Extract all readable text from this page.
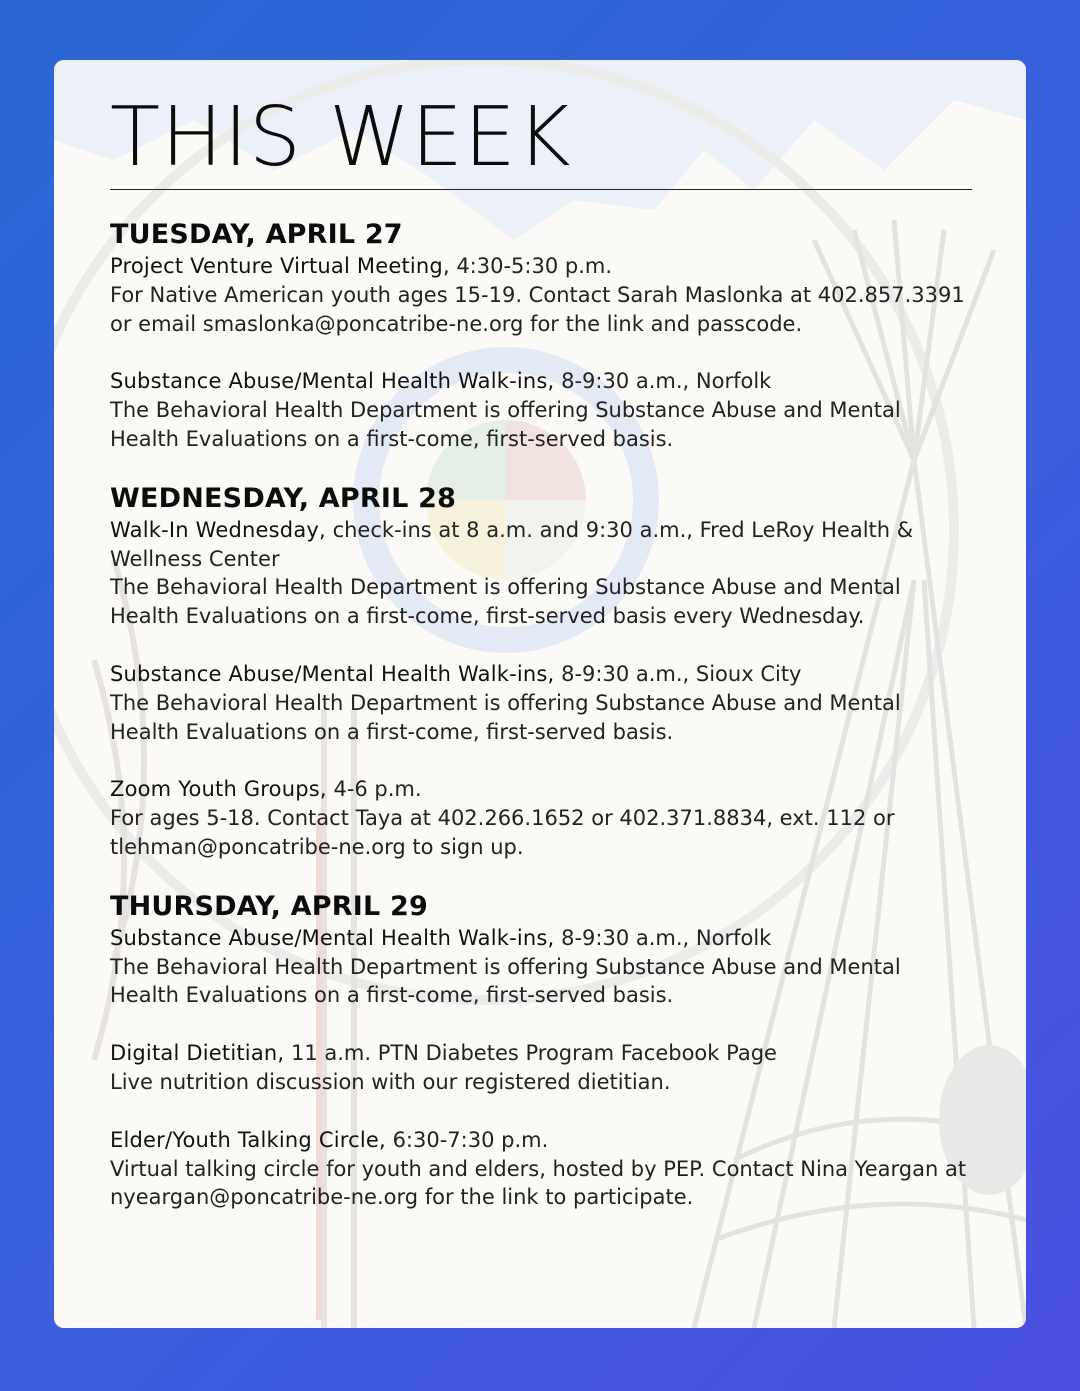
THIS WEEK
TUESDAY, APRIL 27
Project Venture Virtual Meeting, 4:30-5:30 p.m.
For Native American youth ages 15-19. Contact Sarah Maslonka at 402.857.3391 or email smaslonka@poncatribe-ne.org for the link and passcode.
Substance Abuse/Mental Health Walk-ins, 8-9:30 a.m., Norfolk
The Behavioral Health Department is offering Substance Abuse and Mental Health Evaluations on a first-come, first-served basis.
WEDNESDAY, APRIL 28
Walk-In Wednesday, check-ins at 8 a.m. and 9:30 a.m., Fred LeRoy Health & Wellness Center
The Behavioral Health Department is offering Substance Abuse and Mental Health Evaluations on a first-come, first-served basis every Wednesday.
Substance Abuse/Mental Health Walk-ins, 8-9:30 a.m., Sioux City
The Behavioral Health Department is offering Substance Abuse and Mental Health Evaluations on a first-come, first-served basis.
Zoom Youth Groups, 4-6 p.m.
For ages 5-18. Contact Taya at 402.266.1652 or 402.371.8834, ext. 112 or tlehman@poncatribe-ne.org to sign up.
THURSDAY, APRIL 29
Substance Abuse/Mental Health Walk-ins, 8-9:30 a.m., Norfolk
The Behavioral Health Department is offering Substance Abuse and Mental Health Evaluations on a first-come, first-served basis.
Digital Dietitian, 11 a.m. PTN Diabetes Program Facebook Page
Live nutrition discussion with our registered dietitian.
Elder/Youth Talking Circle, 6:30-7:30 p.m.
Virtual talking circle for youth and elders, hosted by PEP. Contact Nina Yeargan at nyeargan@poncatribe-ne.org for the link to participate.
